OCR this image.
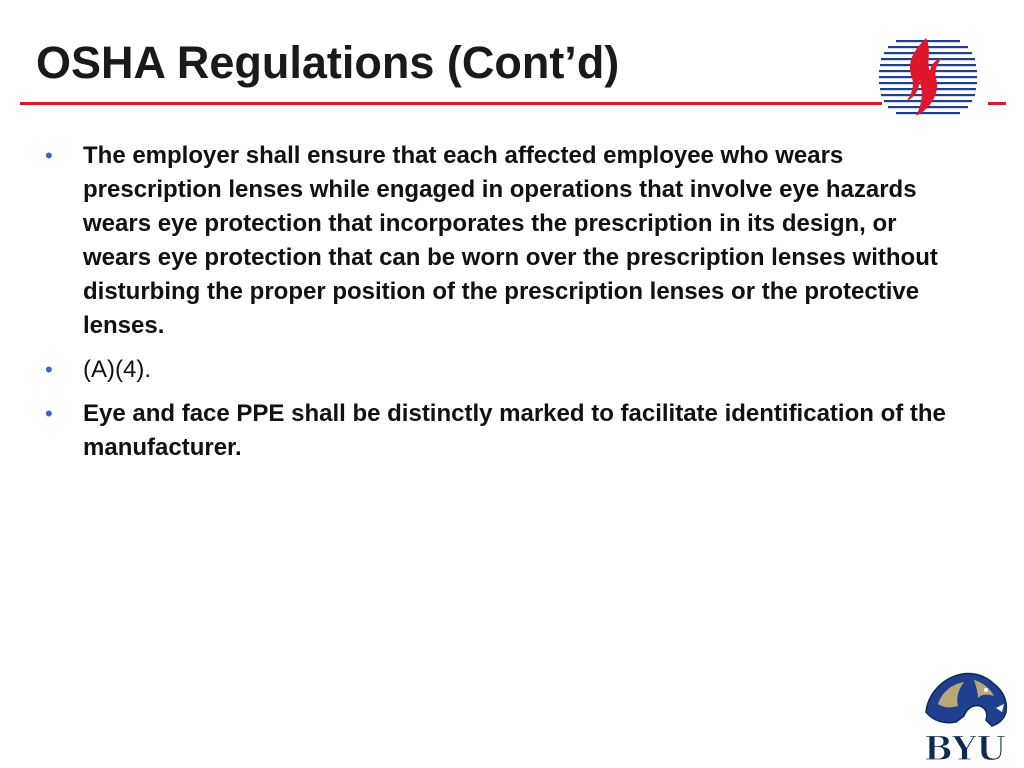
OSHA Regulations (Cont’d)
• The employer shall ensure that each affected employee who wears prescription lenses while engaged in operations that involve eye hazards wears eye protection that incorporates the prescription in its design, or wears eye protection that can be worn over the prescription lenses without disturbing the proper position of the prescription lenses or the protective lenses.
• (A)(4).
• Eye and face PPE shall be distinctly marked to facilitate identification of the manufacturer.
BYU
